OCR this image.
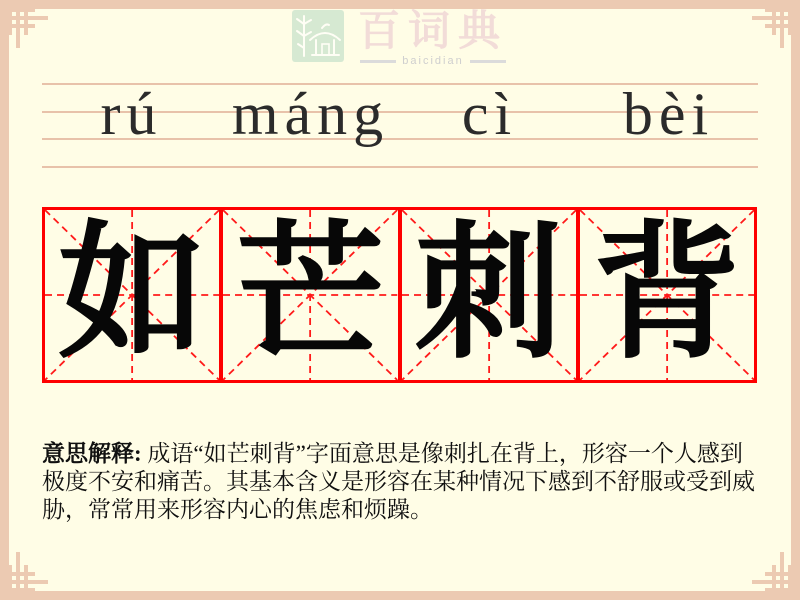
百词典
baicidian
rú	máng	cì	bèi
如 芒 刺 背
意思解释: 成语“如芒刺背”字面意思是像刺扎在背上，形容一个人感到极度不安和痛苦。其基本含义是形容在某种情况下感到不舒服或受到威胁，常常用来形容内心的焦虑和烦躁。
